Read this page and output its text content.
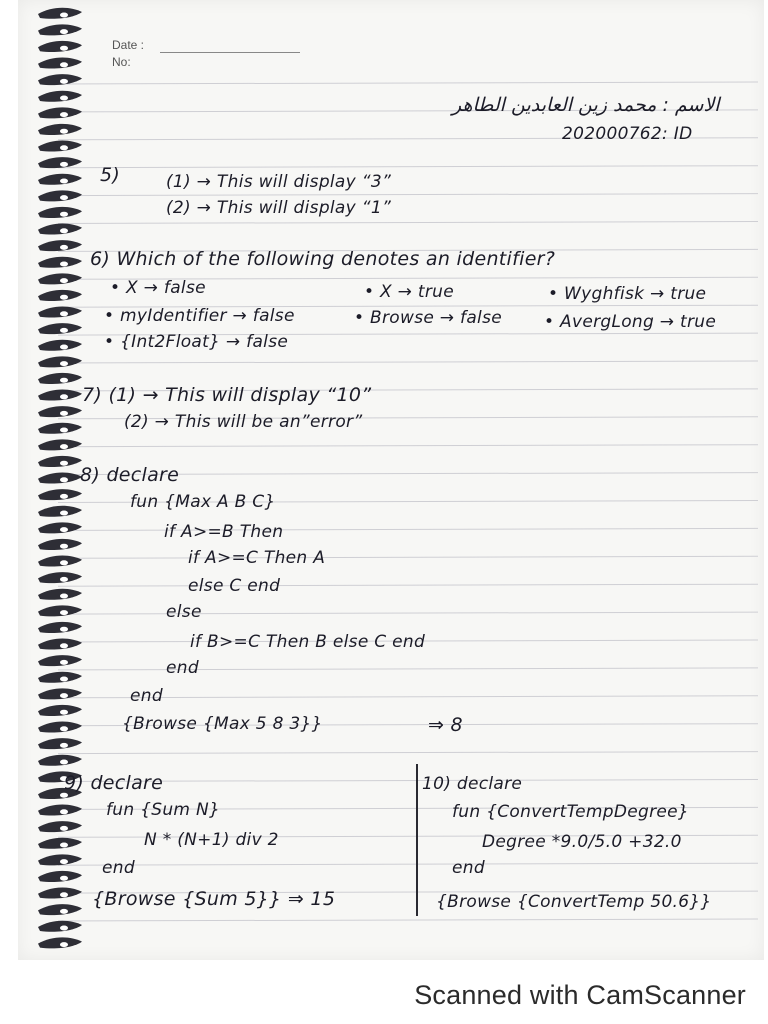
Date :
No:
الاسم : محمد زين العابدين الطاهر
202000762: ID
5)	(1) → This will display “3”
(2) → This will display “1”
6) Which of the following denotes an identifier?
• X → false	• X → true	• Wyghfisk → true
• myIdentifier → false	• Browse → false • AvergLong → true
• {Int2Float} → false
7) (1) → This will display “10”
(2) → This will be an”error”
8) declare
fun {Max A B C}
if A>=B Then
if A>=C Then A
else C end
else
if B>=C Then B else C end
end
end
{Browse {Max 5 8 3}}	⇒ 8
9) declare
fun {Sum N}
N * (N+1) div 2
end
{Browse {Sum 5}} ⇒ 15
10) declare
fun {ConvertTempDegree}
Degree *9.0/5.0 +32.0
end
{Browse {ConvertTemp 50.6}}
Scanned with CamScanner
